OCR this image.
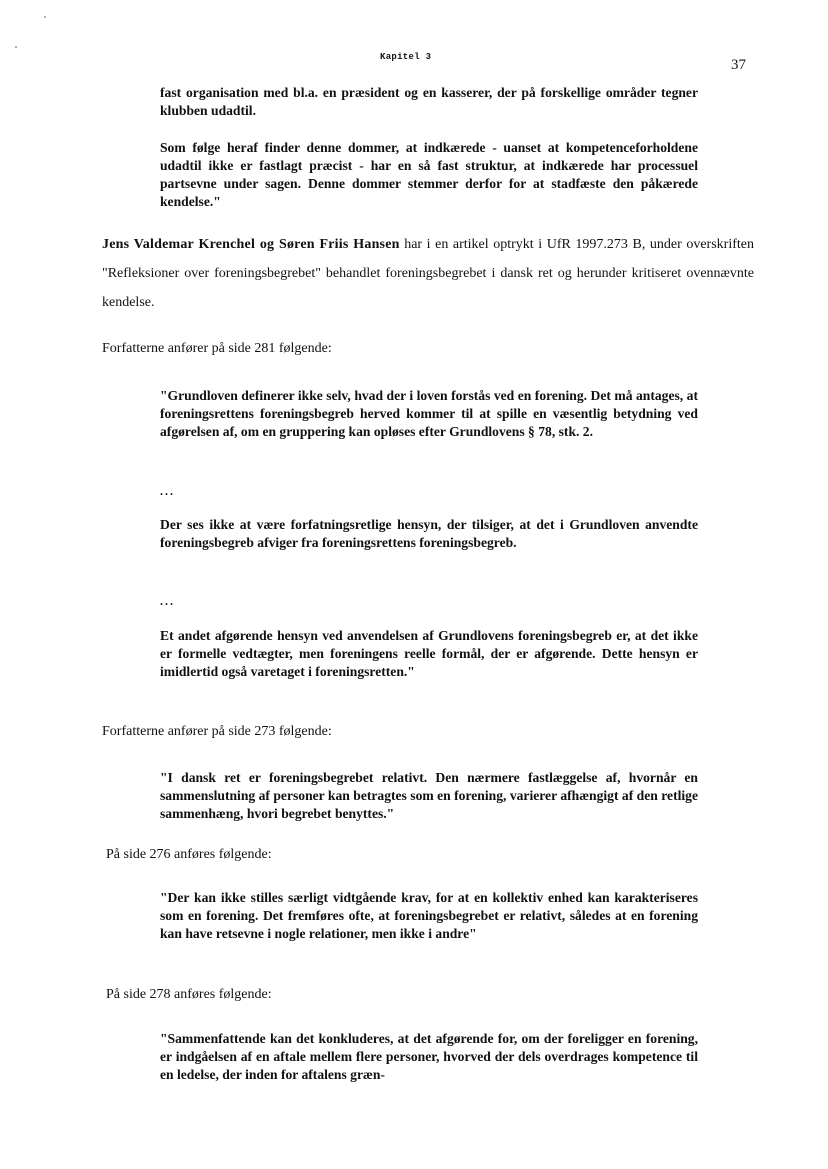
Kapitel 3	37

fast organisation med bl.a. en præsident og en kasserer, der på forskellige områder tegner klubben udadtil.

Som følge heraf finder denne dommer, at indkærede - uanset at kompetenceforholdene udadtil ikke er fastlagt præcist - har en så fast struktur, at indkærede har processuel partsevne under sagen. Denne dommer stemmer derfor for at stadfæste den påkærede kendelse."

Jens Valdemar Krenchel og Søren Friis Hansen har i en artikel optrykt i UfR 1997.273 B, under overskriften "Refleksioner over foreningsbegrebet" behandlet foreningsbegrebet i dansk ret og herunder kritiseret ovennævnte kendelse.

Forfatterne anfører på side 281 følgende:

"Grundloven definerer ikke selv, hvad der i loven forstås ved en forening. Det må antages, at foreningsrettens foreningsbegreb herved kommer til at spille en væsentlig betydning ved afgørelsen af, om en gruppering kan opløses efter Grundlovens § 78, stk. 2.

...

Der ses ikke at være forfatningsretlige hensyn, der tilsiger, at det i Grundloven anvendte foreningsbegreb afviger fra foreningsrettens foreningsbegreb.

...

Et andet afgørende hensyn ved anvendelsen af Grundlovens foreningsbegreb er, at det ikke er formelle vedtægter, men foreningens reelle formål, der er afgørende. Dette hensyn er imidlertid også varetaget i foreningsretten."

Forfatterne anfører på side 273 følgende:

"I dansk ret er foreningsbegrebet relativt. Den nærmere fastlæggelse af, hvornår en sammenslutning af personer kan betragtes som en forening, varierer afhængigt af den retlige sammenhæng, hvori begrebet benyttes."

På side 276 anføres følgende:

"Der kan ikke stilles særligt vidtgående krav, for at en kollektiv enhed kan karakteriseres som en forening. Det fremføres ofte, at foreningsbegrebet er relativt, således at en forening kan have retsevne i nogle relationer, men ikke i andre"

På side 278 anføres følgende:

"Sammenfattende kan det konkluderes, at det afgørende for, om der foreligger en forening, er indgåelsen af en aftale mellem flere personer, hvorved der dels overdrages kompetence til en ledelse, der inden for aftalens græn-
